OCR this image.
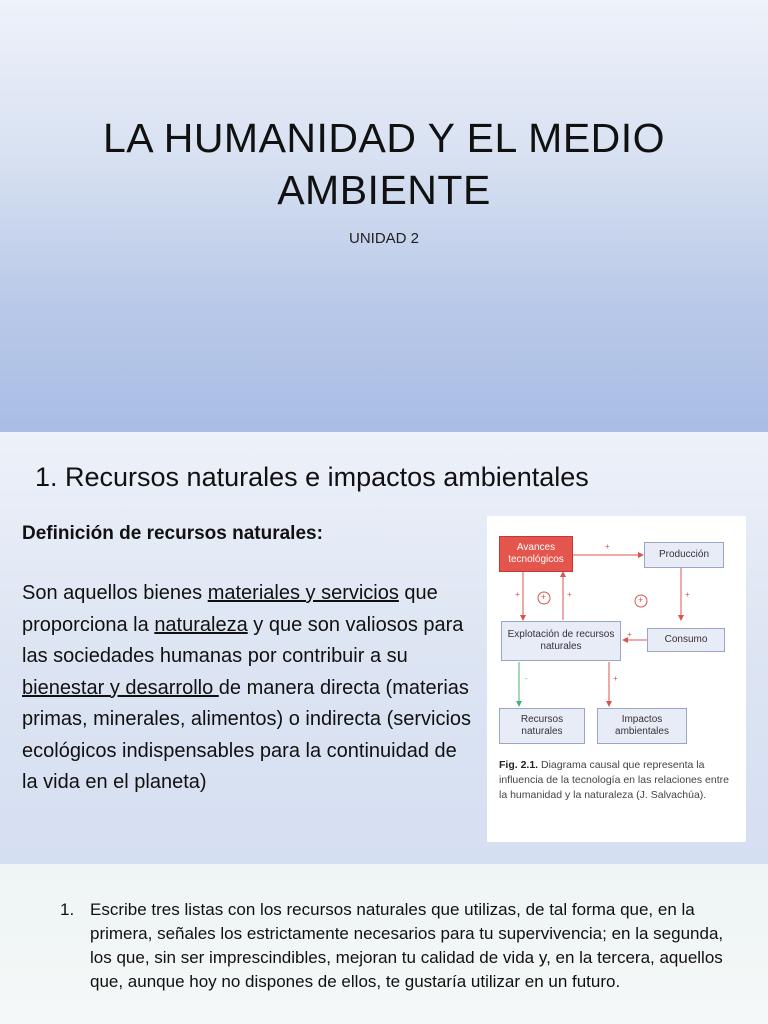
LA HUMANIDAD Y EL MEDIO AMBIENTE
UNIDAD 2
1. Recursos naturales e impactos ambientales
Definición de recursos naturales:
Son aquellos bienes materiales y servicios que proporciona la naturaleza y que son valiosos para las sociedades humanas por contribuir a su bienestar y desarrollo de manera directa (materias primas, minerales, alimentos) o indirecta (servicios ecológicos indispensables para la continuidad de la vida en el planeta)
+	+
+
+
+	+
+
-	+
Avances tecnológicos	Producción
Explotación de recursos naturales
Consumo
Recursos naturales
Impactos ambientales
Fig. 2.1. Diagrama causal que representa la influencia de la tecnología en las relaciones entre la humanidad y la naturaleza (J. Salvachúa).
1. Escribe tres listas con los recursos naturales que utilizas, de tal forma que, en la primera, señales los estrictamente necesarios para tu supervivencia; en la segunda, los que, sin ser imprescindibles, mejoran tu calidad de vida y, en la tercera, aquellos que, aunque hoy no dispones de ellos, te gustaría utilizar en un futuro.
